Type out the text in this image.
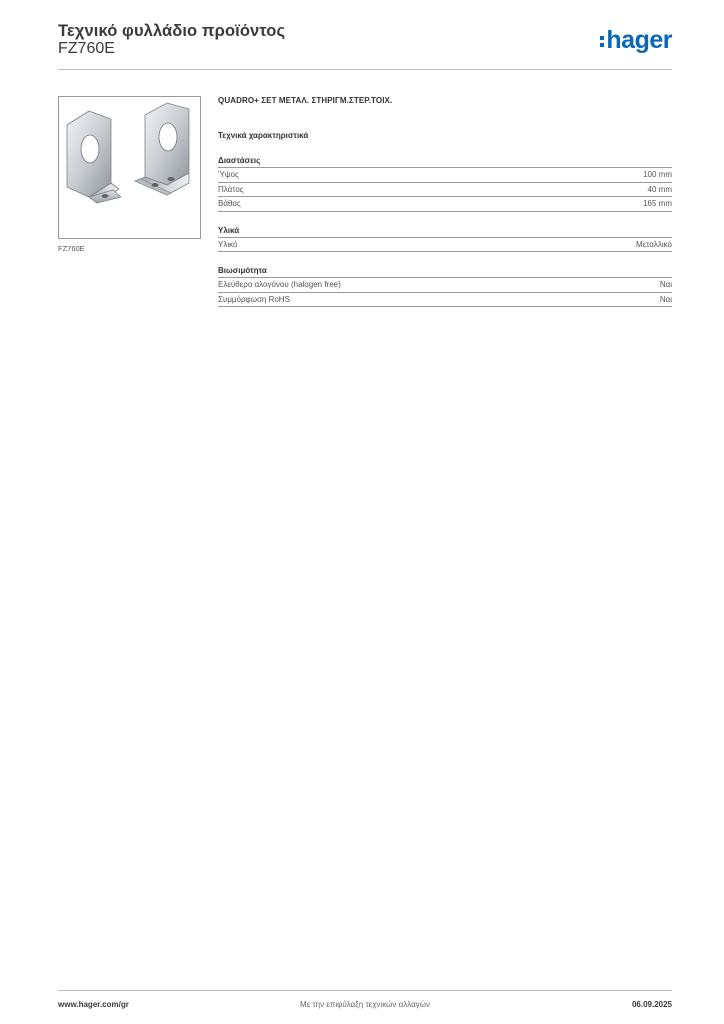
Τεχνικό φυλλάδιο προϊόντος
FZ760E	hager
FZ760E
QUADRO+ ΣΕΤ ΜΕΤΑΛ. ΣΤΗΡΙΓΜ.ΣΤΕΡ.ΤΟΙΧ.
Τεχνικά χαρακτηριστικά
Διαστάσεις
Ύψος	100 mm
Πλάτος	40 mm
Βάθος	165 mm
Υλικά
Υλικό	Μεταλλικό
Βιωσιμότητα
Ελεύθερο αλογόνου (halogen free)	Ναι
Συμμόρφωση RoHS	Ναι
Με την επιφύλαξη τεχνικών αλλαγών
www.hager.com/gr	06.09.2025
